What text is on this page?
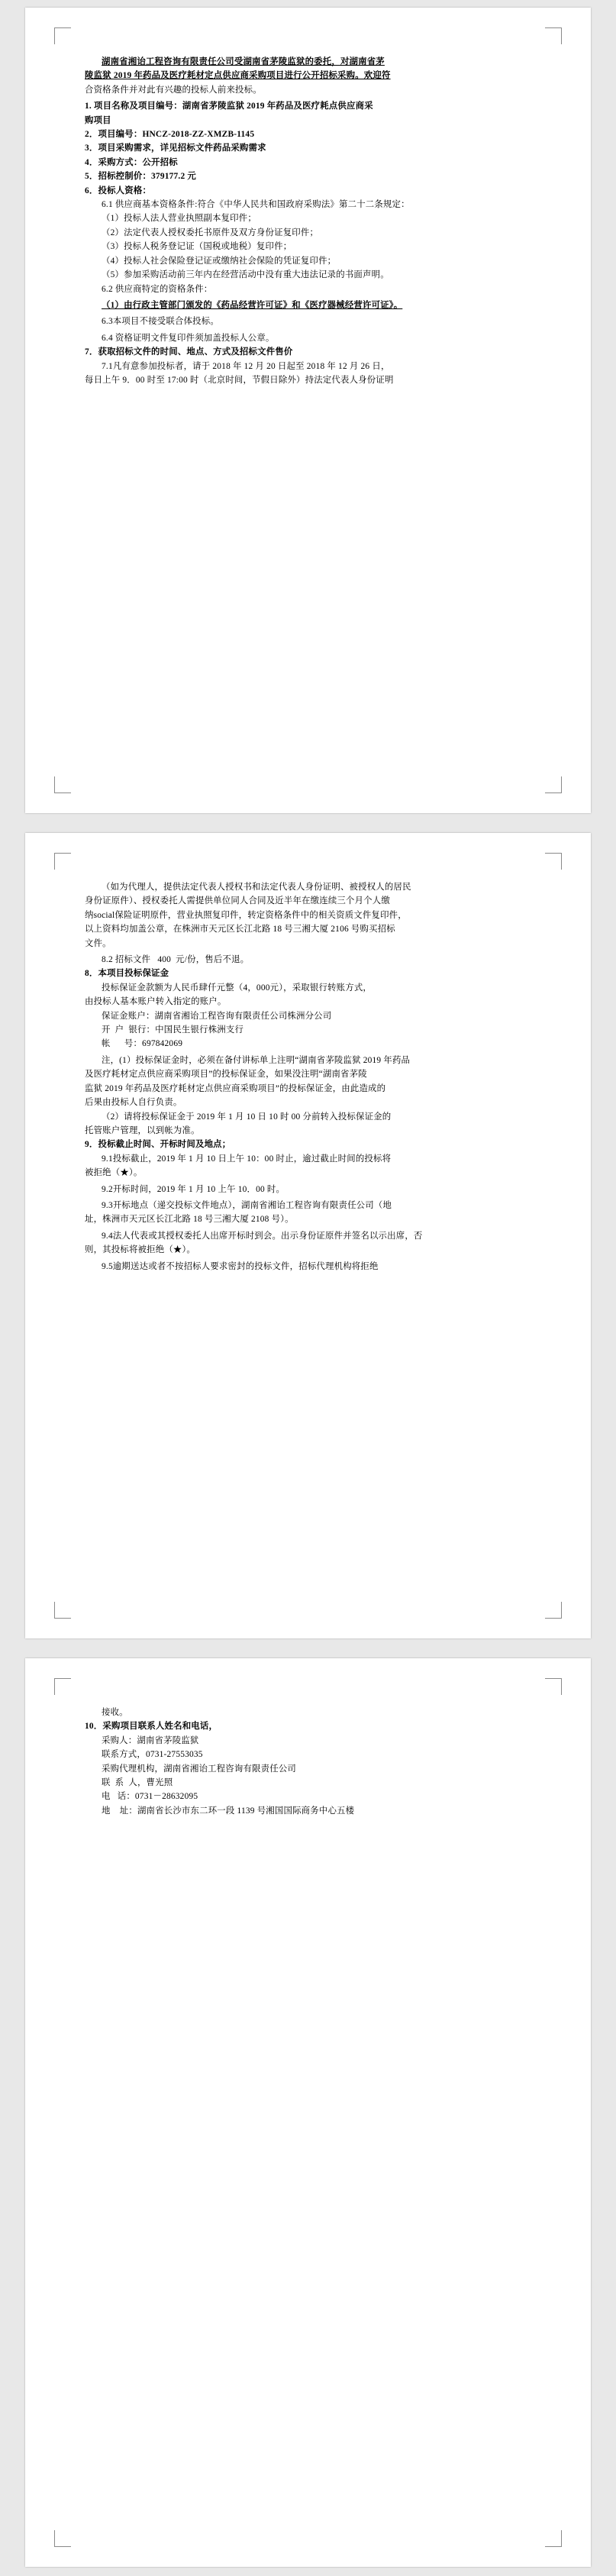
湖南省湘诒工程咨询有限责任公司受湖南省茅陵监狱的委托，对湖南省茅
陵监狱 2019 年药品及医疗耗材定点供应商采购项目进行公开招标采购。欢迎符
合资格条件并对此有兴趣的投标人前来投标。
1. 项目名称及项目编号：湖南省茅陵监狱 2019 年药品及医疗耗点供应商采
购项目
2．项目编号：HNCZ-2018-ZZ-XMZB-1145
3．项目采购需求，详见招标文件药品采购需求
4．采购方式：公开招标
5．招标控制价：379177.2 元
6．投标人资格：
6.1 供应商基本资格条件:符合《中华人民共和国政府采购法》第二十二条规定：
（1）投标人法人营业执照副本复印件；
（2）法定代表人授权委托书原件及双方身份证复印件；
（3）投标人税务登记证（国税或地税）复印件；
（4）投标人社会保险登记证或缴纳社会保险的凭证复印件；
（5）参加采购活动前三年内在经营活动中没有重大违法记录的书面声明。
6.2 供应商特定的资格条件：
（1）由行政主管部门颁发的《药品经营许可证》和《医疗器械经营许可证》。
6.3本项目不接受联合体投标。
6.4 资格证明文件复印件须加盖投标人公章。
7．获取招标文件的时间、地点、方式及招标文件售价
7.1凡有意参加投标者，请于 2018 年 12 月 20 日起至 2018 年 12 月 26 日，
每日上午 9．00 时至 17:00 时（北京时间，节假日除外）持法定代表人身份证明
（如为代理人，提供法定代表人授权书和法定代表人身份证明、被授权人的居民
身份证原件）、授权委托人需提供单位同人合同及近半年在缴连续三个月个人缴
纳social保险证明原件，营业执照复印件，转定资格条件中的相关资质文件复印件，
以上资料均加盖公章，在株洲市天元区长江北路 18 号三湘大厦 2106 号购买招标
文件。
8.2 招标文件   400  元/份，售后不退。
8．本项目投标保证金
投标保证金款额为人民币肆仟元整（4，000元），采取银行转账方式，
由投标人基本账户转入指定的账户。
保证金账户：湖南省湘诒工程咨询有限责任公司株洲分公司
开  户  银行：中国民生银行株洲支行
帐      号：697842069
注，(1）投标保证金时，必须在备付讲标单上注明“湖南省茅陵监狱 2019 年药品
及医疗耗材定点供应商采购项目”的投标保证金，如果没注明“湖南省茅陵
监狱 2019 年药品及医疗耗材定点供应商采购项目”的投标保证金，由此造成的
后果由投标人自行负责。
（2）请将投标保证金于 2019 年 1 月 10 日 10 时 00 分前转入投标保证金的
托管账户管理，以到帐为准。
9．投标截止时间、开标时间及地点；
9.1投标截止，2019 年 1 月 10 日上午 10：00 时止，逾过截止时间的投标将
被拒绝（★）。
9.2开标时间，2019 年 1 月 10 上午 10．00 时。
9.3开标地点（递交投标文件地点），湖南省湘诒工程咨询有限责任公司（地
址，株洲市天元区长江北路 18 号三湘大厦 2108 号）。
9.4法人代表或其授权委托人出席开标时到会。出示身份证原件并签名以示出席，否
则，其投标将被拒绝（★）。
9.5逾期送达或者不按招标人要求密封的投标文件，招标代理机构将拒绝
接收。
10．采购项目联系人姓名和电话，
采购人：湖南省茅陵监狱
联系方式，0731-27553035
采购代理机构，湖南省湘诒工程咨询有限责任公司
联  系  人，曹光照
电   话：0731－28632095
地    址：湖南省长沙市东二环一段 1139 号湘国国际商务中心五楼
